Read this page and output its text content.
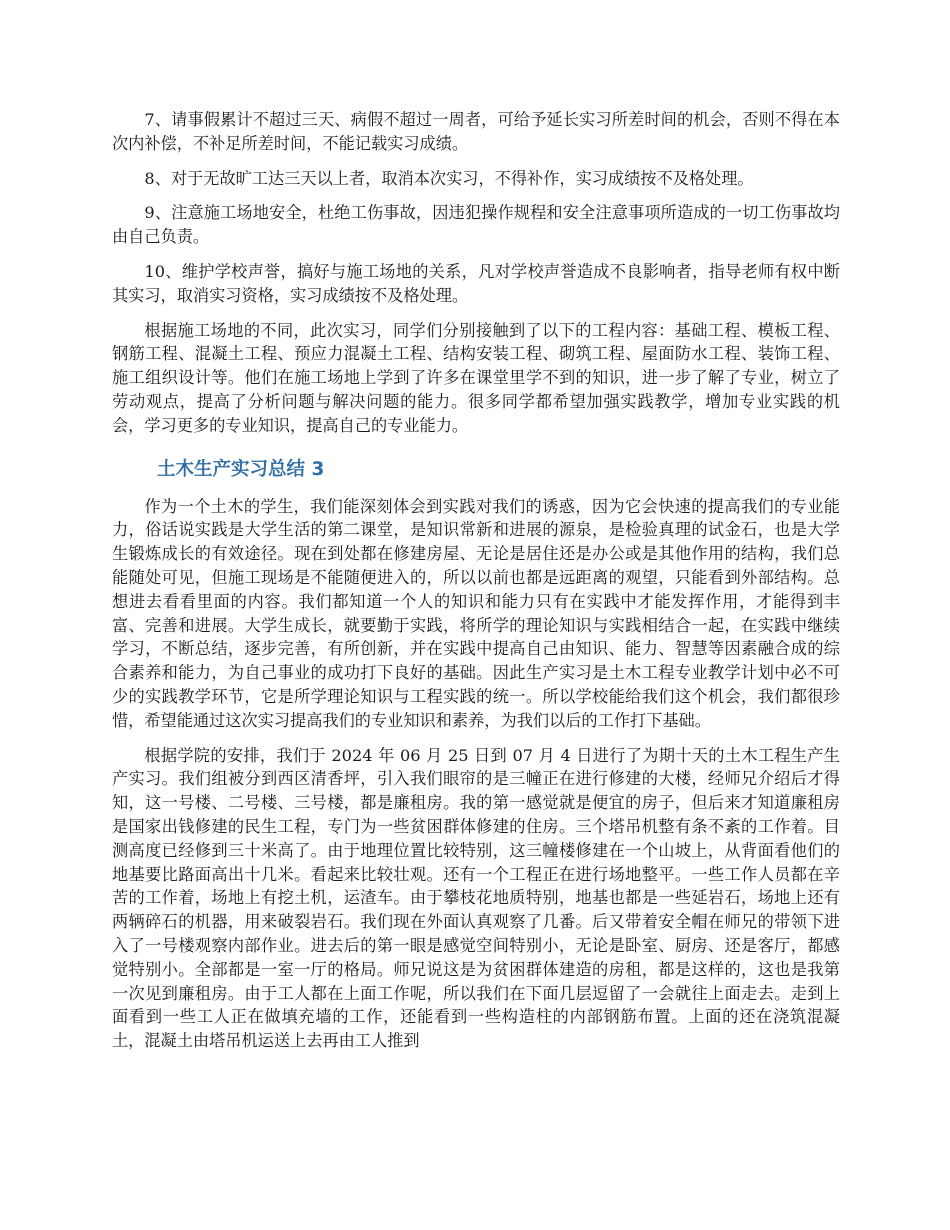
7、请事假累计不超过三天、病假不超过一周者，可给予延长实习所差时间的机会，否则不得在本次内补偿，不补足所差时间，不能记载实习成绩。

8、对于无故旷工达三天以上者，取消本次实习，不得补作，实习成绩按不及格处理。

9、注意施工场地安全，杜绝工伤事故，因违犯操作规程和安全注意事项所造成的一切工伤事故均由自己负责。

10、维护学校声誉，搞好与施工场地的关系，凡对学校声誉造成不良影响者，指导老师有权中断其实习，取消实习资格，实习成绩按不及格处理。

根据施工场地的不同，此次实习，同学们分别接触到了以下的工程内容：基础工程、模板工程、钢筋工程、混凝土工程、预应力混凝土工程、结构安装工程、砌筑工程、屋面防水工程、装饰工程、施工组织设计等。他们在施工场地上学到了许多在课堂里学不到的知识，进一步了解了专业，树立了劳动观点，提高了分析问题与解决问题的能力。很多同学都希望加强实践教学，增加专业实践的机会，学习更多的专业知识，提高自己的专业能力。

土木生产实习总结 3

作为一个土木的学生，我们能深刻体会到实践对我们的诱惑，因为它会快速的提高我们的专业能力，俗话说实践是大学生活的第二课堂，是知识常新和进展的源泉，是检验真理的试金石，也是大学生锻炼成长的有效途径。现在到处都在修建房屋、无论是居住还是办公或是其他作用的结构，我们总能随处可见，但施工现场是不能随便进入的，所以以前也都是远距离的观望，只能看到外部结构。总想进去看看里面的内容。我们都知道一个人的知识和能力只有在实践中才能发挥作用，才能得到丰富、完善和进展。大学生成长，就要勤于实践，将所学的理论知识与实践相结合一起，在实践中继续学习，不断总结，逐步完善，有所创新，并在实践中提高自己由知识、能力、智慧等因素融合成的综合素养和能力，为自己事业的成功打下良好的基础。因此生产实习是土木工程专业教学计划中必不可少的实践教学环节，它是所学理论知识与工程实践的统一。所以学校能给我们这个机会，我们都很珍惜，希望能通过这次实习提高我们的专业知识和素养，为我们以后的工作打下基础。

根据学院的安排，我们于 2024 年 06 月 25 日到 07 月 4 日进行了为期十天的土木工程生产生产实习。我们组被分到西区清香坪，引入我们眼帘的是三幢正在进行修建的大楼，经师兄介绍后才得知，这一号楼、二号楼、三号楼，都是廉租房。我的第一感觉就是便宜的房子，但后来才知道廉租房是国家出钱修建的民生工程，专门为一些贫困群体修建的住房。三个塔吊机整有条不紊的工作着。目测高度已经修到三十米高了。由于地理位置比较特别，这三幢楼修建在一个山坡上，从背面看他们的地基要比路面高出十几米。看起来比较壮观。还有一个工程正在进行场地整平。一些工作人员都在辛苦的工作着，场地上有挖土机，运渣车。由于攀枝花地质特别，地基也都是一些延岩石，场地上还有两辆碎石的机器，用来破裂岩石。我们现在外面认真观察了几番。后又带着安全帽在师兄的带领下进入了一号楼观察内部作业。进去后的第一眼是感觉空间特别小，无论是卧室、厨房、还是客厅，都感觉特别小。全部都是一室一厅的格局。师兄说这是为贫困群体建造的房租，都是这样的，这也是我第一次见到廉租房。由于工人都在上面工作呢，所以我们在下面几层逗留了一会就往上面走去。走到上面看到一些工人正在做填充墙的工作，还能看到一些构造柱的内部钢筋布置。上面的还在浇筑混凝土，混凝土由塔吊机运送上去再由工人推到
